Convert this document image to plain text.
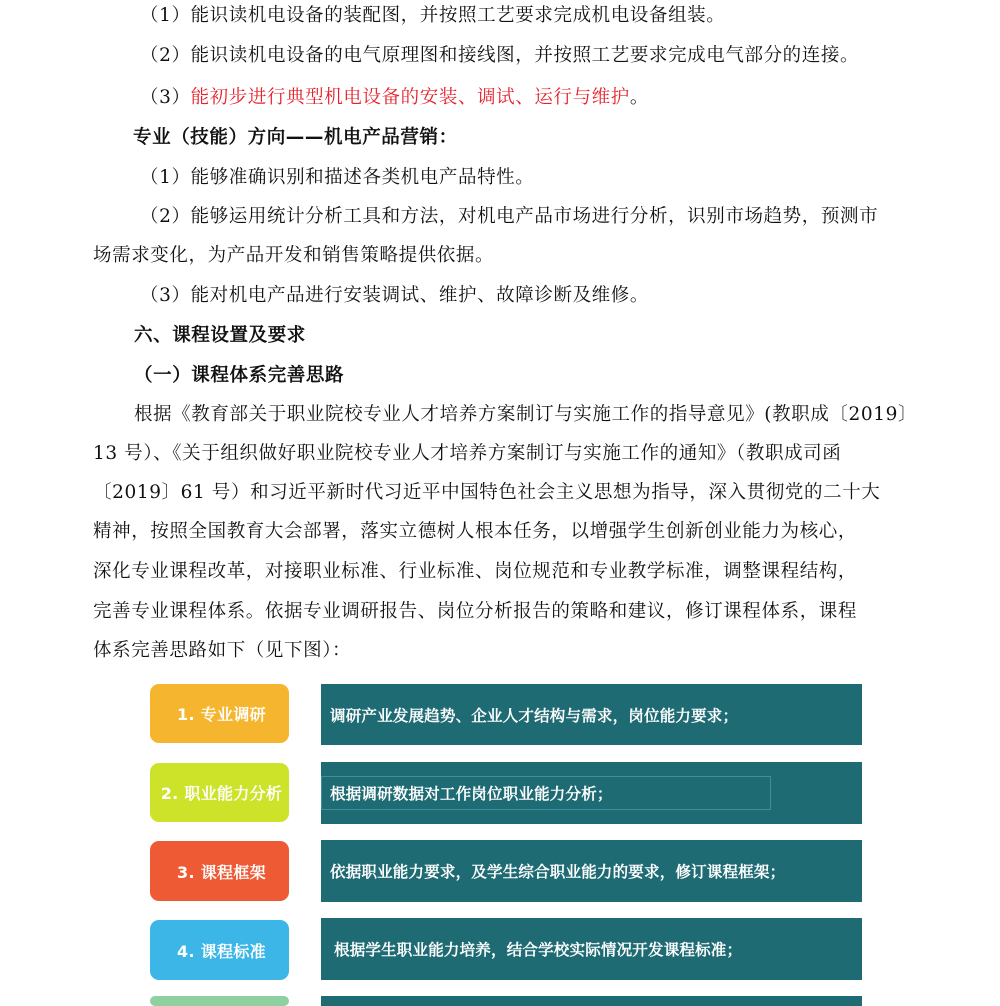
（1）能识读机电设备的装配图，并按照工艺要求完成机电设备组装。
（2）能识读机电设备的电气原理图和接线图，并按照工艺要求完成电气部分的连接。
（3）能初步进行典型机电设备的安装、调试、运行与维护。
专业（技能）方向——机电产品营销：
（1）能够准确识别和描述各类机电产品特性。
（2）能够运用统计分析工具和方法，对机电产品市场进行分析，识别市场趋势，预测市
场需求变化，为产品开发和销售策略提供依据。
（3）能对机电产品进行安装调试、维护、故障诊断及维修。
六、课程设置及要求
（一）课程体系完善思路
根据《教育部关于职业院校专业人才培养方案制订与实施工作的指导意见》(教职成〔2019〕
13 号）、《关于组织做好职业院校专业人才培养方案制订与实施工作的通知》（教职成司函
〔2019〕61 号）和习近平新时代习近平中国特色社会主义思想为指导，深入贯彻党的二十大
精神，按照全国教育大会部署，落实立德树人根本任务，以增强学生创新创业能力为核心，
深化专业课程改革，对接职业标准、行业标准、岗位规范和专业教学标准，调整课程结构，
完善专业课程体系。依据专业调研报告、岗位分析报告的策略和建议，修订课程体系，课程
体系完善思路如下（见下图）：
1. 专业调研	调研产业发展趋势、企业人才结构与需求，岗位能力要求；
2. 职业能力分析	根据调研数据对工作岗位职业能力分析；
3. 课程框架	依据职业能力要求，及学生综合职业能力的要求，修订课程框架；
4. 课程标准	根据学生职业能力培养，结合学校实际情况开发课程标准；
